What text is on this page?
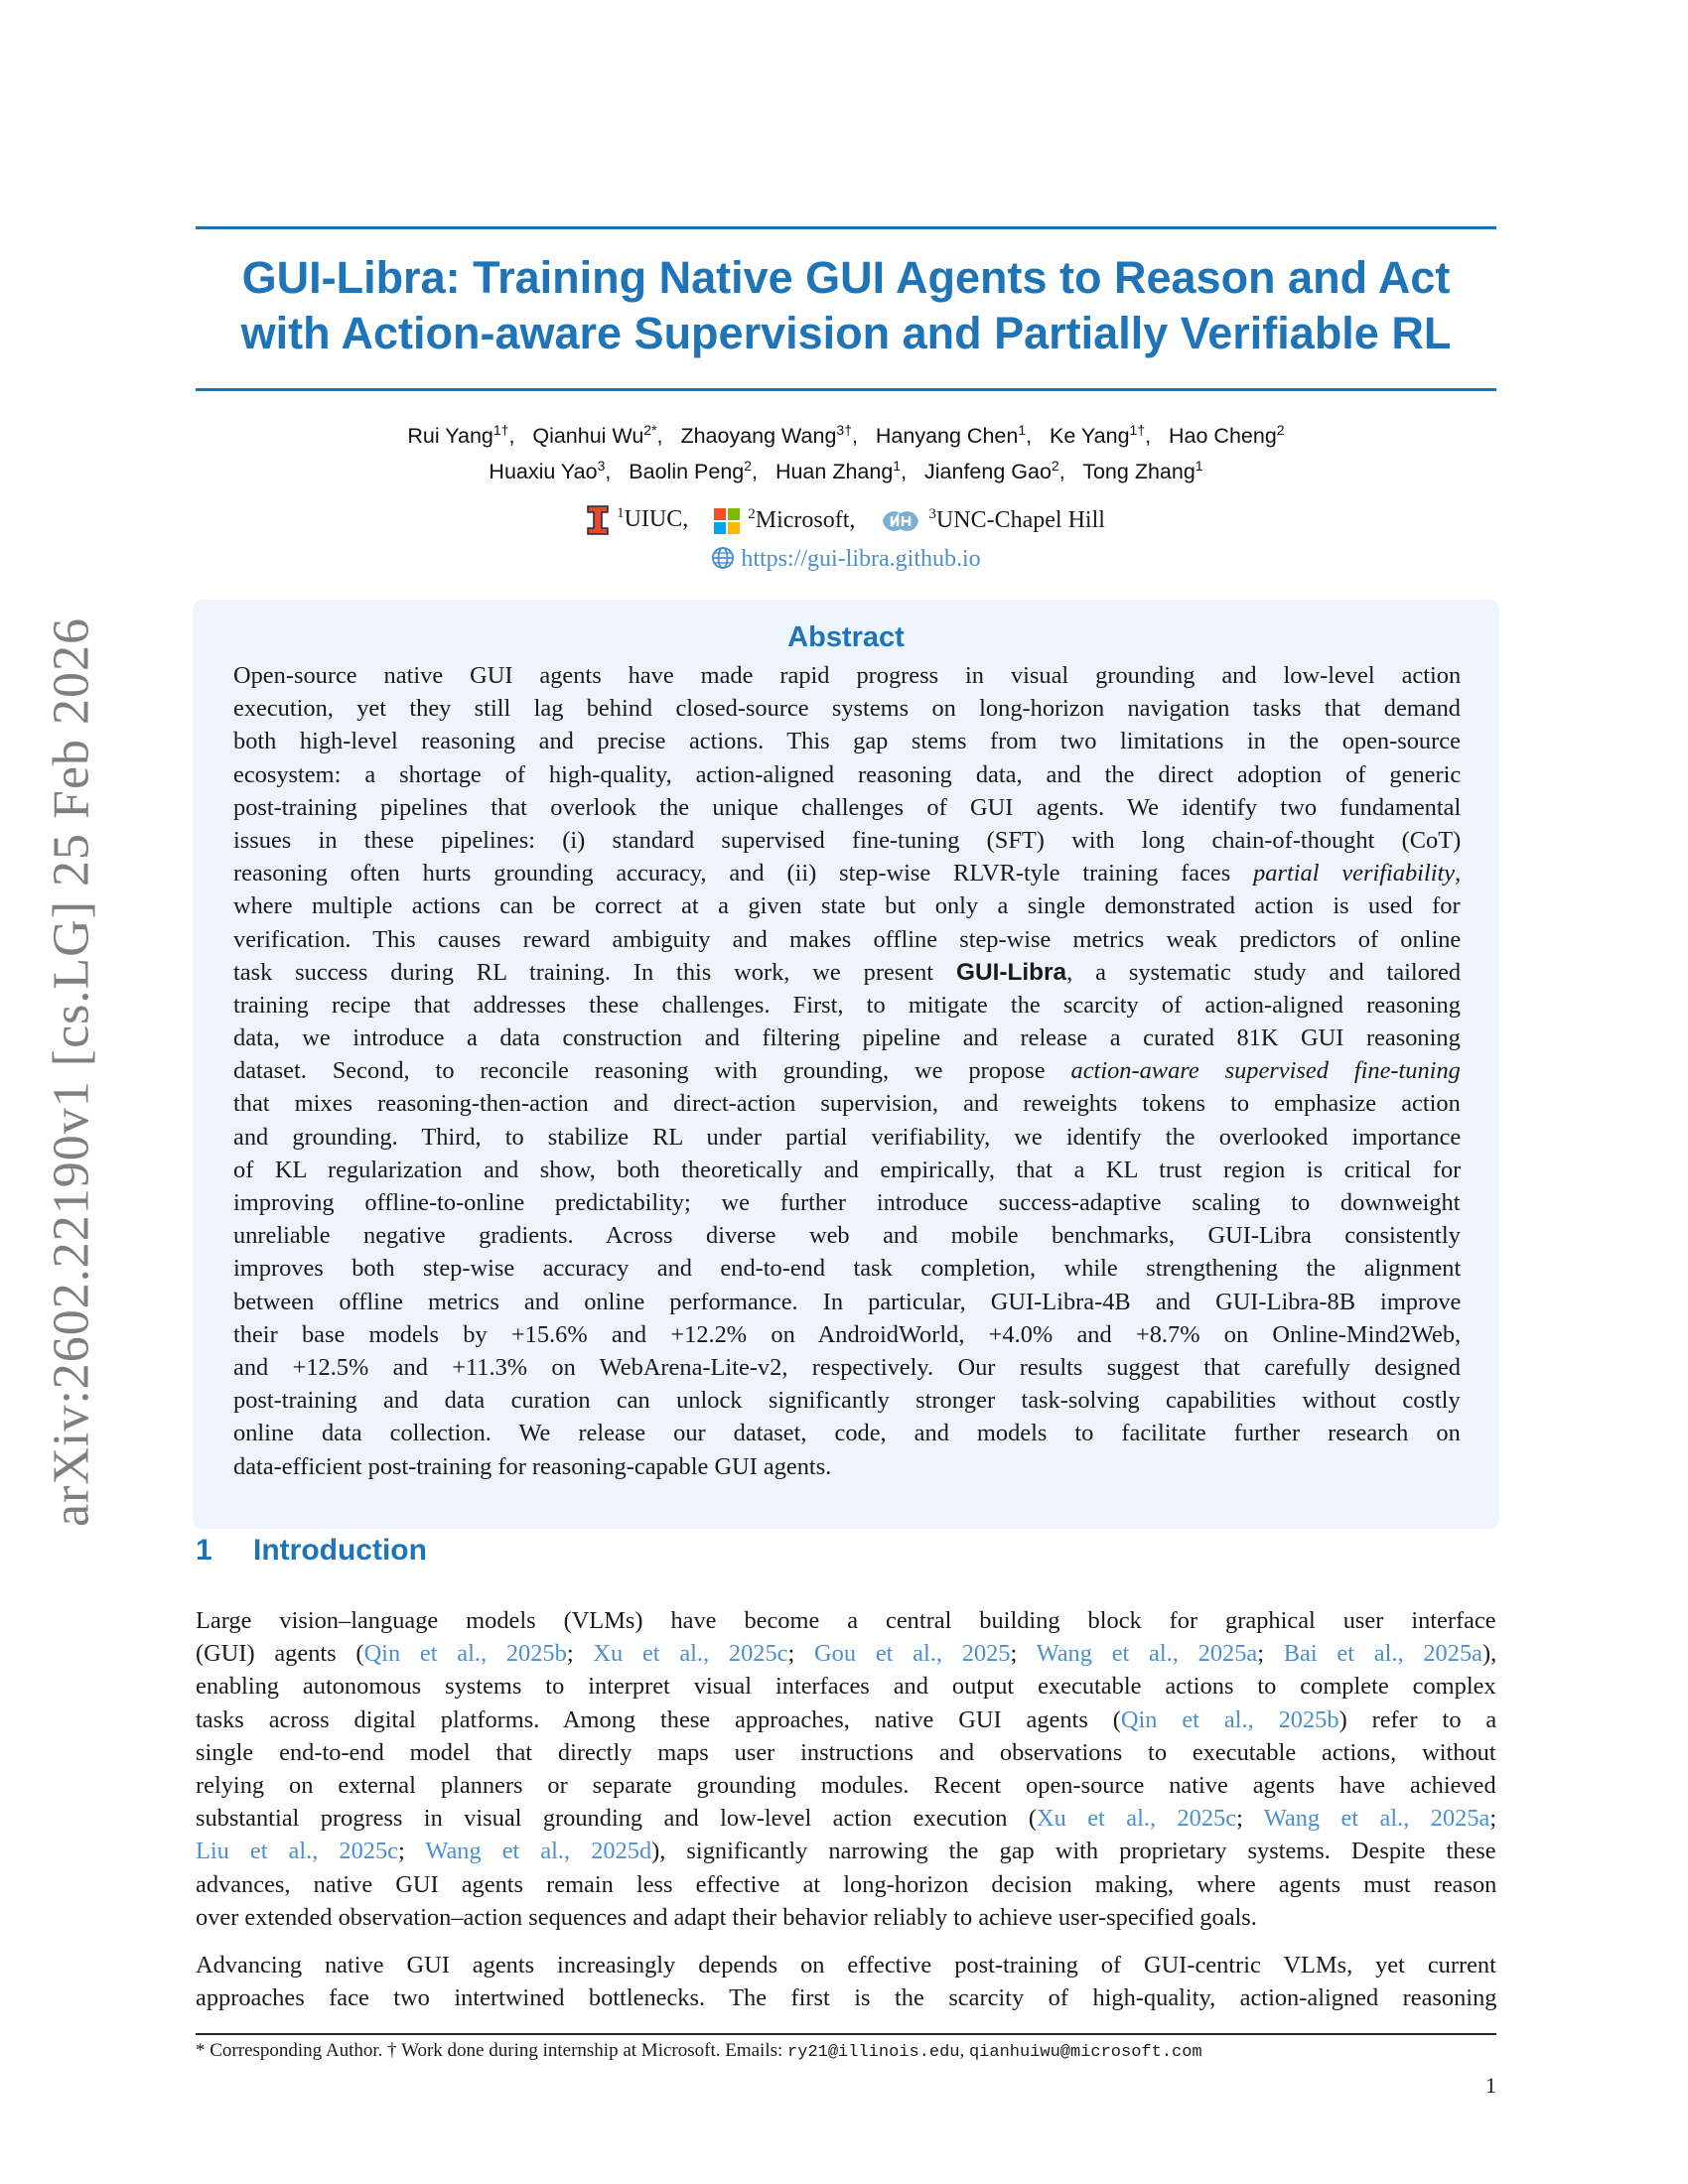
arXiv:2602.22190v1 [cs.LG] 25 Feb 2026
GUI-Libra: Training Native GUI Agents to Reason and Act
with Action-aware Supervision and Partially Verifiable RL
Rui Yang$^{1\dagger}$,   Qianhui $Wu^{2*}$,   Zhaoyang Wang$^{3\dagger}$,   Hanyang Chen$^1$,   Ke Yang$^{1\dagger}$,   Hao Cheng$^2$
Huaxiu Yao$^3$,   Baolin Peng$^2$,   Huan Zhang$^1$,   Jianfeng Gao$^2$,   Tong Zhang$^1$
$^1$UIUC,	$^2$Microsoft,	$^3$UNC-Chapel Hill
https://gui-libra.github.io
Abstract
Open-source native GUI agents have made rapid progress in visual grounding and low-level action
execution, yet they still lag behind closed-source systems on long-horizon navigation tasks that demand
both high-level reasoning and precise actions. This gap stems from two limitations in the open-source
ecosystem: a shortage of high-quality, action-aligned reasoning data, and the direct adoption of generic
post-training pipelines that overlook the unique challenges of GUI agents. We identify two fundamental
issues in these pipelines: (i) standard supervised fine-tuning (SFT) with long chain-of-thought (CoT)
reasoning often hurts grounding accuracy, and (ii) step-wise RLVR-tyle training faces partial verifiability,
where multiple actions can be correct at a given state but only a single demonstrated action is used for
verification. This causes reward ambiguity and makes offline step-wise metrics weak predictors of online
task success during RL training. In this work, we present GUI-Libra, a systematic study and tailored
training recipe that addresses these challenges. First, to mitigate the scarcity of action-aligned reasoning
data, we introduce a data construction and filtering pipeline and release a curated 81K GUI reasoning
dataset. Second, to reconcile reasoning with grounding, we propose action-aware supervised fine-tuning
that mixes reasoning-then-action and direct-action supervision, and reweights tokens to emphasize action
and grounding. Third, to stabilize RL under partial verifiability, we identify the overlooked importance
of KL regularization and show, both theoretically and empirically, that a KL trust region is critical for
improving offline-to-online predictability; we further introduce success-adaptive scaling to downweight
unreliable negative gradients. Across diverse web and mobile benchmarks, GUI-Libra consistently
improves both step-wise accuracy and end-to-end task completion, while strengthening the alignment
between offline metrics and online performance. In particular, GUI-Libra-4B and GUI-Libra-8B improve
their base models by +15.6% and +12.2% on AndroidWorld, +4.0% and +8.7% on Online-Mind2Web,
and +12.5% and +11.3% on WebArena-Lite-v2, respectively. Our results suggest that carefully designed
post-training and data curation can unlock significantly stronger task-solving capabilities without costly
online data collection. We release our dataset, code, and models to facilitate further research on
data-efficient post-training for reasoning-capable GUI agents.
1 Introduction
Large vision–language models (VLMs) have become a central building block for graphical user interface
(GUI) agents (Qin et al., 2025b; Xu et al., 2025c; Gou et al., 2025; Wang et al., 2025a; Bai et al., 2025a),
enabling autonomous systems to interpret visual interfaces and output executable actions to complete complex
tasks across digital platforms. Among these approaches, native GUI agents (Qin et al., 2025b) refer to a
single end-to-end model that directly maps user instructions and observations to executable actions, without
relying on external planners or separate grounding modules. Recent open-source native agents have achieved
substantial progress in visual grounding and low-level action execution (Xu et al., 2025c; Wang et al., 2025a;
Liu et al., 2025c; Wang et al., 2025d), significantly narrowing the gap with proprietary systems. Despite these
advances, native GUI agents remain less effective at long-horizon decision making, where agents must reason
over extended observation–action sequences and adapt their behavior reliably to achieve user-specified goals.
Advancing native GUI agents increasingly depends on effective post-training of GUI-centric VLMs, yet current
approaches face two intertwined bottlenecks. The first is the scarcity of high-quality, action-aligned reasoning
* Corresponding Author. † Work done during internship at Microsoft. Emails: ry21@illinois.edu, qianhuiwu@microsoft.com
1
